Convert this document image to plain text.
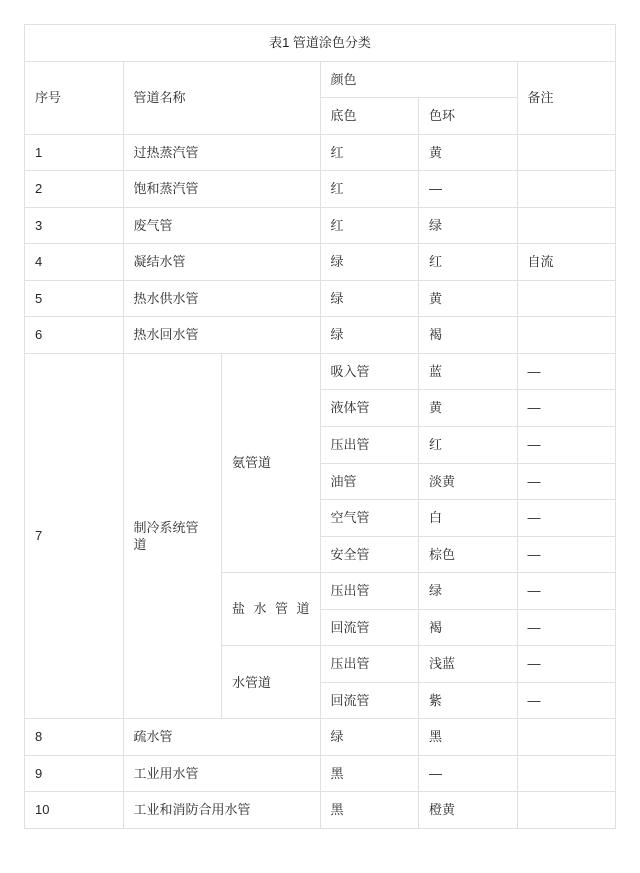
表1 管道涂色分类					
序号	管道名称		颜色		备注
			底色	色环	
1	过热蒸汽管		红	黄	
2	饱和蒸汽管		红	—	
3	废气管		红	绿	
4	凝结水管		绿	红	自流
5	热水供水管		绿	黄	
6	热水回水管		绿	褐	
7	制冷系统管道	氨管道	吸入管	蓝	—
			液体管	黄	—
			压出管	红	—
			油管	淡黄	—
			空气管	白	—
			安全管	棕色	—
		盐 水 管 道	压出管	绿	—
			回流管	褐	—
		水管道	压出管	浅蓝	—
			回流管	紫	—
8	疏水管		绿	黑	
9	工业用水管		黑	—	
10	工业和消防合用水管		黑	橙黄	
